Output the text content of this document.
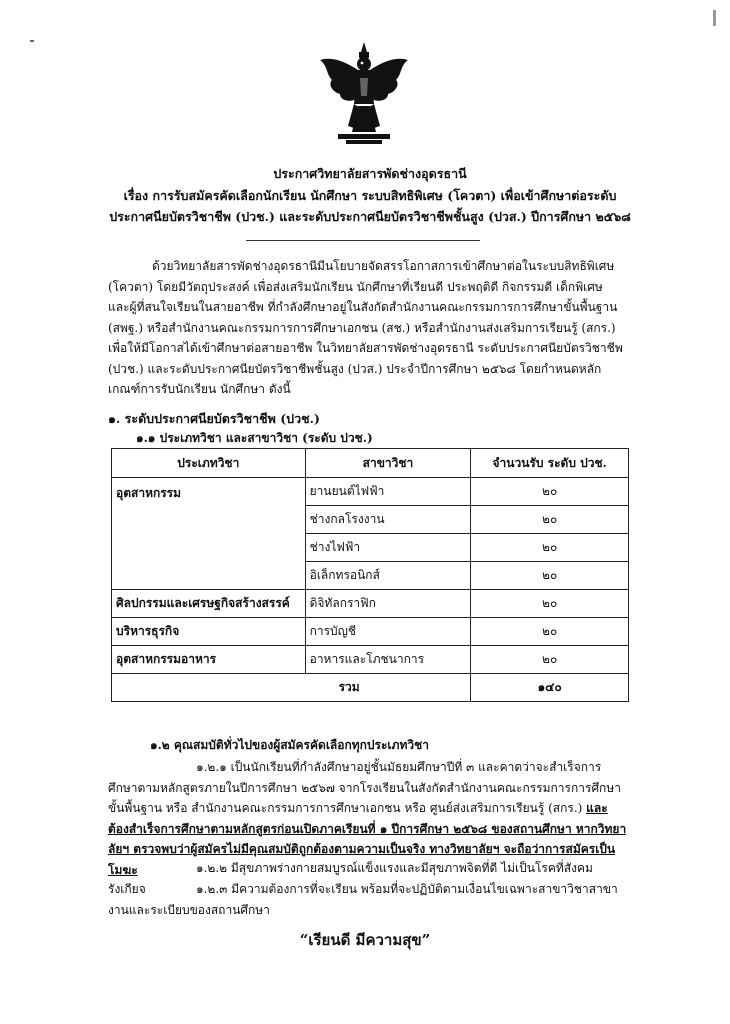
ประกาศวิทยาลัยสารพัดช่างอุดรธานี
เรื่อง การรับสมัครคัดเลือกนักเรียน นักศึกษา ระบบสิทธิพิเศษ (โควตา) เพื่อเข้าศึกษาต่อระดับ
ประกาศนียบัตรวิชาชีพ (ปวช.) และระดับประกาศนียบัตรวิชาชีพชั้นสูง (ปวส.) ปีการศึกษา ๒๕๖๘

ด้วยวิทยาลัยสารพัดช่างอุดรธานีมีนโยบายจัดสรรโอกาสการเข้าศึกษาต่อในระบบสิทธิพิเศษ (โควตา) โดยมีวัตถุประสงค์ เพื่อส่งเสริมนักเรียน นักศึกษาที่เรียนดี ประพฤติดี กิจกรรมดี เด็กพิเศษ และผู้ที่สนใจเรียนในสายอาชีพ ที่กำลังศึกษาอยู่ในสังกัดสำนักงานคณะกรรมการการศึกษาขั้นพื้นฐาน (สพฐ.) หรือสำนักงานคณะกรรมการการศึกษาเอกชน (สช.) หรือสำนักงานส่งเสริมการเรียนรู้ (สกร.) เพื่อให้มีโอกาสได้เข้าศึกษาต่อสายอาชีพ ในวิทยาลัยสารพัดช่างอุดรธานี ระดับประกาศนียบัตรวิชาชีพ (ปวช.) และระดับประกาศนียบัตรวิชาชีพชั้นสูง (ปวส.) ประจำปีการศึกษา ๒๕๖๘ โดยกำหนดหลักเกณฑ์การรับนักเรียน นักศึกษา ดังนี้

๑. ระดับประกาศนียบัตรวิชาชีพ (ปวช.)
๑.๑ ประเภทวิชา และสาขาวิชา (ระดับ ปวช.)
ประเภทวิชา	สาขาวิชา	จำนวนรับ ระดับ ปวช.
อุตสาหกรรม	ยานยนต์ไฟฟ้า	๒๐
	ช่างกลโรงงาน	๒๐
	ช่างไฟฟ้า	๒๐
	อิเล็กทรอนิกส์	๒๐
ศิลปกรรมและเศรษฐกิจสร้างสรรค์	ดิจิทัลกราฟิก	๒๐
บริหารธุรกิจ	การบัญชี	๒๐
อุตสาหกรรมอาหาร	อาหารและโภชนาการ	๒๐
รวม		๑๔๐
๑.๒ คุณสมบัติทั่วไปของผู้สมัครคัดเลือกทุกประเภทวิชา

๑.๒.๑ เป็นนักเรียนที่กำลังศึกษาอยู่ชั้นมัธยมศึกษาปีที่ ๓ และคาดว่าจะสำเร็จการศึกษาตามหลักสูตรภายในปีการศึกษา ๒๕๖๗ จากโรงเรียนในสังกัดสำนักงานคณะกรรมการการศึกษาขั้นพื้นฐาน หรือ สำนักงานคณะกรรมการการศึกษาเอกชน หรือ ศูนย์ส่งเสริมการเรียนรู้ (สกร.) และต้องสำเร็จการศึกษาตามหลักสูตรก่อนเปิดภาคเรียนที่ ๑ ปีการศึกษา ๒๕๖๘ ของสถานศึกษา หากวิทยาลัยฯ ตรวจพบว่าผู้สมัครไม่มีคุณสมบัติถูกต้องตามความเป็นจริง ทางวิทยาลัยฯ จะถือว่าการสมัครเป็นโมฆะ	๑.๒.๒ มีสุขภาพร่างกายสมบูรณ์แข็งแรงและมีสุขภาพจิตที่ดี ไม่เป็นโรคที่สังคมรังเกียจ	๑.๒.๓ มีความต้องการที่จะเรียน พร้อมที่จะปฏิบัติตามเงื่อนไขเฉพาะสาขาวิชาสาขางานและระเบียบของสถานศึกษา

“เรียนดี มีความสุข”
